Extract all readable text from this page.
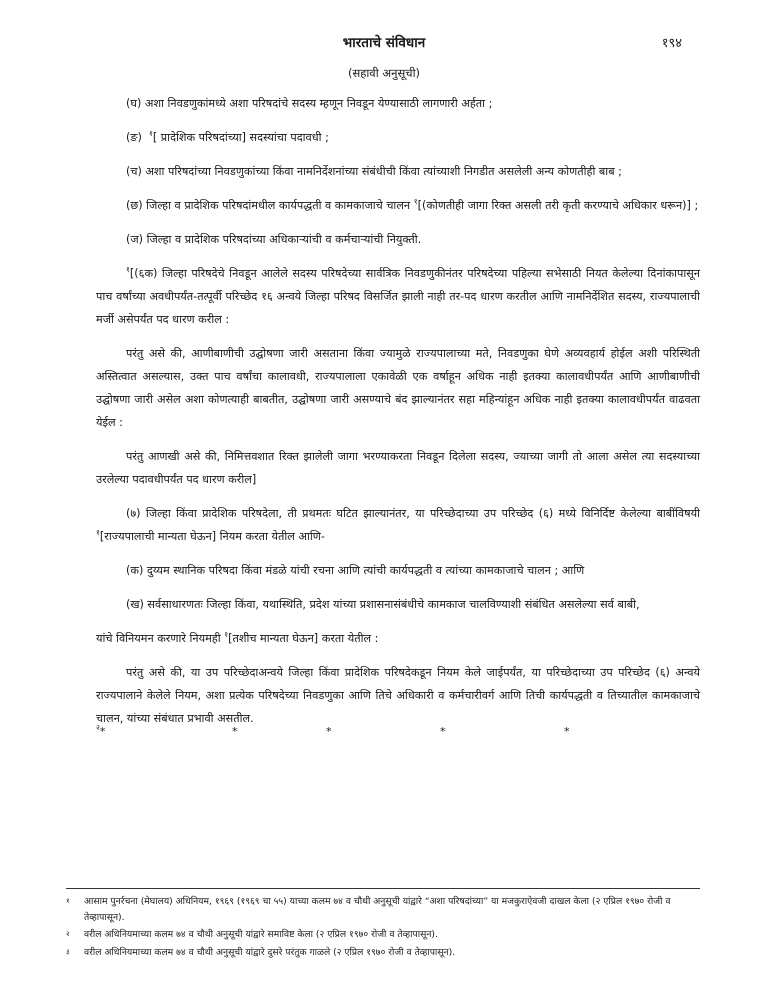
भारताचे संविधान	१९४
(सहावी अनुसूची)

(घ) अशा निवडणुकांमध्ये अशा परिषदांचे सदस्य म्हणून निवडून येण्यासाठी लागणारी अर्हता ;

(ङ) $^१$[ प्रादेशिक परिषदांच्या] सदस्यांचा पदावधी ;

(च) अशा परिषदांच्या निवडणुकांच्या किंवा नामनिर्देशनांच्या संबंधीची किंवा त्यांच्याशी निगडीत असलेली अन्य कोणतीही बाब ;

(छ) जिल्हा व प्रादेशिक परिषदांमधील कार्यपद्धती व कामकाजाचे चालन $^१$[(कोणतीही जागा रिक्त असली तरी कृती करण्याचे अधिकार धरून)] ;

(ज) जिल्हा व प्रादेशिक परिषदांच्या अधिकाऱ्यांची व कर्मचाऱ्यांची नियुक्ती.

$^१$[(६क) जिल्हा परिषदेचे निवडून आलेले सदस्य परिषदेच्या सार्वत्रिक निवडणुकीनंतर परिषदेच्या पहिल्या सभेसाठी नियत केलेल्या दिनांकापासून पाच वर्षांच्या अवधीपर्यंत-तत्पूर्वी परिच्छेद १६ अन्वये जिल्हा परिषद विसर्जित झाली नाही तर-पद धारण करतील आणि नामनिर्देशित सदस्य, राज्यपालाची मर्जी असेपर्यंत पद धारण करील :

परंतु असे की, आणीबाणीची उद्घोषणा जारी असताना किंवा ज्यामुळे राज्यपालाच्या मते, निवडणुका घेणे अव्यवहार्य होईल अशी परिस्थिती अस्तित्वात असल्यास, उक्त पाच वर्षांचा कालावधी, राज्यपालाला एकावेळी एक वर्षाहून अधिक नाही इतक्या कालावधीपर्यंत आणि आणीबाणीची उद्घोषणा जारी असेल अशा कोणत्याही बाबतीत, उद्घोषणा जारी असण्याचे बंद झाल्यानंतर सहा महिन्यांहून अधिक नाही इतक्या कालावधीपर्यंत वाढवता येईल :

परंतु आणखी असे की, निमित्तवशात रिक्त झालेली जागा भरण्याकरता निवडून दिलेला सदस्य, ज्याच्या जागी तो आला असेल त्या सदस्याच्या उरलेल्या पदावधीपर्यंत पद धारण करील]

(७) जिल्हा किंवा प्रादेशिक परिषदेला, ती प्रथमतः घटित झाल्यानंतर, या परिच्छेदाच्या उप परिच्छेद (६) मध्ये विनिर्दिष्ट केलेल्या बाबींविषयी $^१$[राज्यपालाची मान्यता घेऊन] नियम करता येतील आणि-

(क) दुय्यम स्थानिक परिषदा किंवा मंडळे यांची रचना आणि त्यांची कार्यपद्धती व त्यांच्या कामकाजाचे चालन ; आणि

(ख) सर्वसाधारणतः जिल्हा किंवा, यथास्थिति, प्रदेश यांच्या प्रशासनासंबंधीचे कामकाज चालविण्याशी संबंधित असलेल्या सर्व बाबी,

यांचे विनियमन करणारे नियमही $^१$[तशीच मान्यता घेऊन] करता येतील :

परंतु असे की, या उप परिच्छेदाअन्वये जिल्हा किंवा प्रादेशिक परिषदेकडून नियम केले जाईपर्यंत, या परिच्छेदाच्या उप परिच्छेद (६) अन्वये राज्यपालाने केलेले नियम, अशा प्रत्येक परिषदेच्या निवडणुका आणि तिचे अधिकारी व कर्मचारीवर्ग आणि तिची कार्यपद्धती व तिच्यातील कामकाजाचे चालन, यांच्या संबंधात प्रभावी असतील.

$^२$ *	*	*	*	*
१ आसाम पुनर्रचना (मेघालय) अधिनियम, १९६९ (१९६९ चा ५५) याच्या कलम ७४ व चौथी अनुसूची यांद्वारे “अशा परिषदांच्या” या मजकुराऐवजी दाखल केला (२ एप्रिल १९७० रोजी व तेव्हापासून).
२ वरील अधिनियमाच्या कलम ७४ व चौथी अनुसूची यांद्वारे समाविष्ट केला (२ एप्रिल १९७० रोजी व तेव्हापासून).
३ वरील अधिनियमाच्या कलम ७४ व चौथी अनुसूची यांद्वारे दुसरे परंतुक गाळले (२ एप्रिल १९७० रोजी व तेव्हापासून).
